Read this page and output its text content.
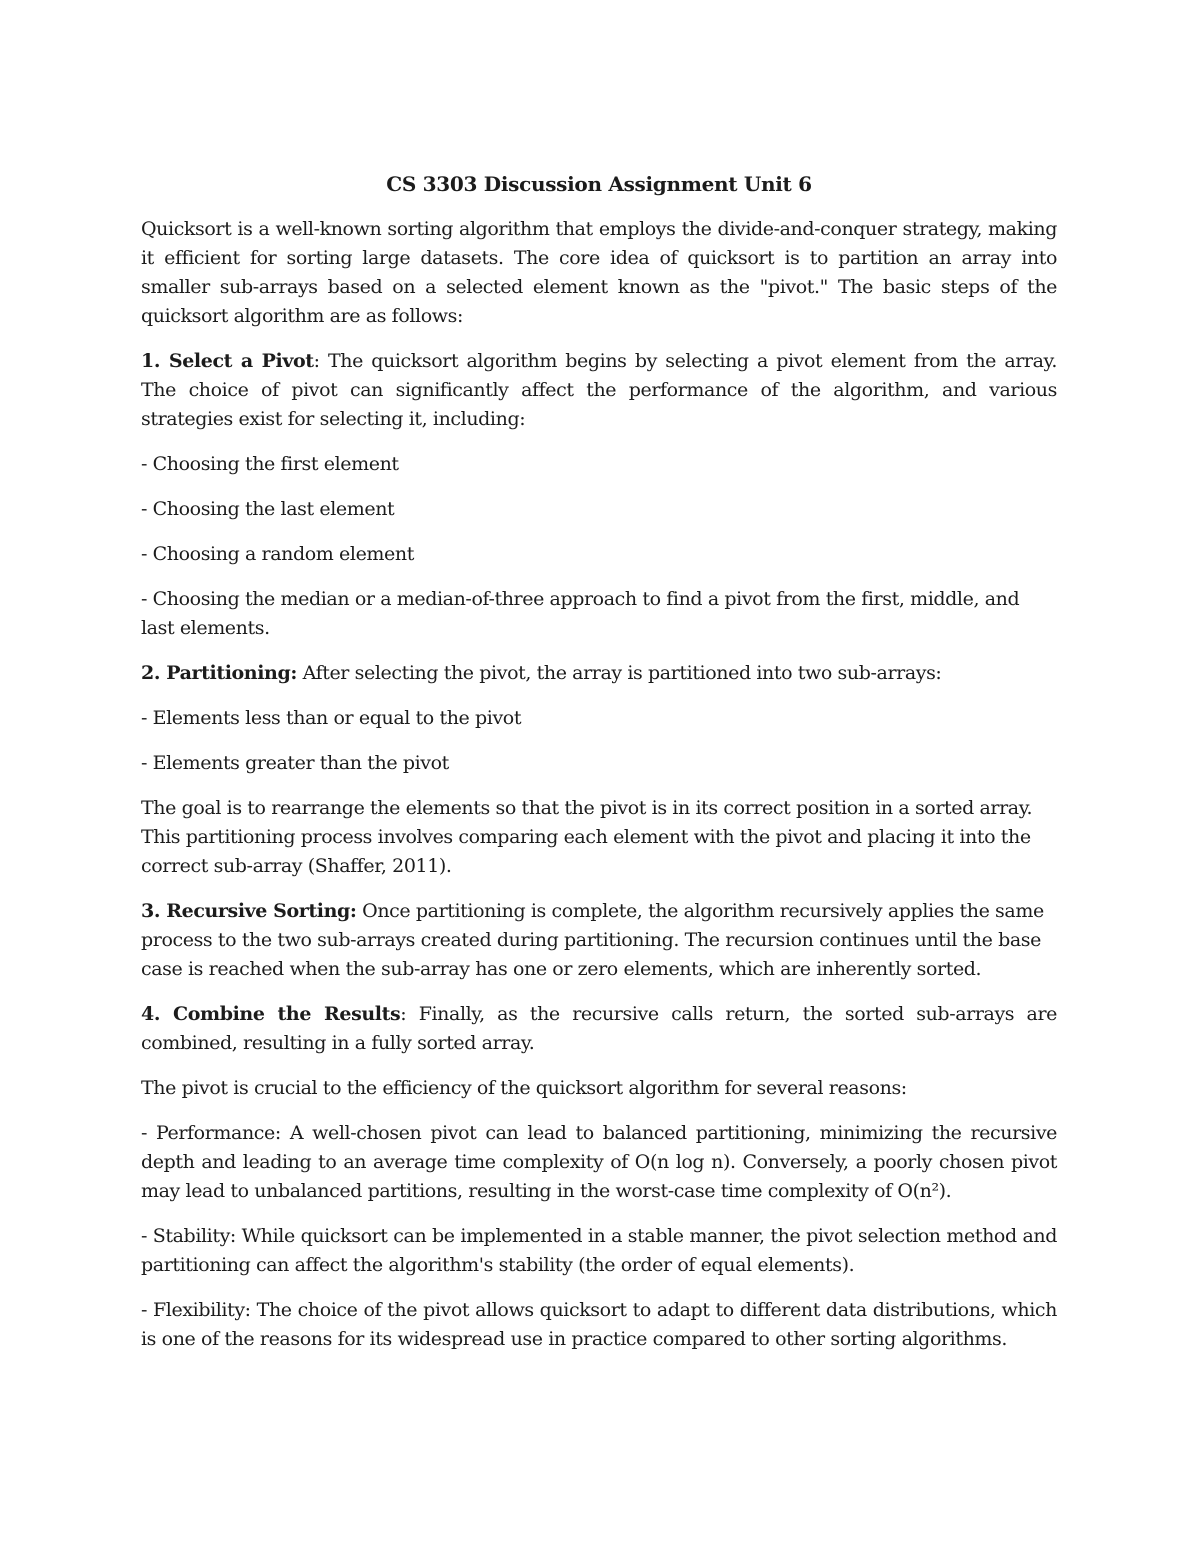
CS 3303 Discussion Assignment Unit 6

Quicksort is a well-known sorting algorithm that employs the divide-and-conquer strategy, making it efficient for sorting large datasets. The core idea of quicksort is to partition an array into smaller sub-arrays based on a selected element known as the "pivot." The basic steps of the quicksort algorithm are as follows:

1. Select a Pivot: The quicksort algorithm begins by selecting a pivot element from the array. The choice of pivot can significantly affect the performance of the algorithm, and various strategies exist for selecting it, including:

- Choosing the first element

- Choosing the last element

- Choosing a random element

- Choosing the median or a median-of-three approach to find a pivot from the first, middle, and last elements.

2. Partitioning: After selecting the pivot, the array is partitioned into two sub-arrays:

- Elements less than or equal to the pivot

- Elements greater than the pivot

The goal is to rearrange the elements so that the pivot is in its correct position in a sorted array. This partitioning process involves comparing each element with the pivot and placing it into the correct sub-array (Shaffer, 2011).

3. Recursive Sorting: Once partitioning is complete, the algorithm recursively applies the same process to the two sub-arrays created during partitioning. The recursion continues until the base case is reached when the sub-array has one or zero elements, which are inherently sorted.

4. Combine the Results: Finally, as the recursive calls return, the sorted sub-arrays are combined, resulting in a fully sorted array.

The pivot is crucial to the efficiency of the quicksort algorithm for several reasons:

- Performance: A well-chosen pivot can lead to balanced partitioning, minimizing the recursive depth and leading to an average time complexity of O(n log n). Conversely, a poorly chosen pivot may lead to unbalanced partitions, resulting in the worst-case time complexity of O(n²).

- Stability: While quicksort can be implemented in a stable manner, the pivot selection method and partitioning can affect the algorithm's stability (the order of equal elements).

- Flexibility: The choice of the pivot allows quicksort to adapt to different data distributions, which is one of the reasons for its widespread use in practice compared to other sorting algorithms.
